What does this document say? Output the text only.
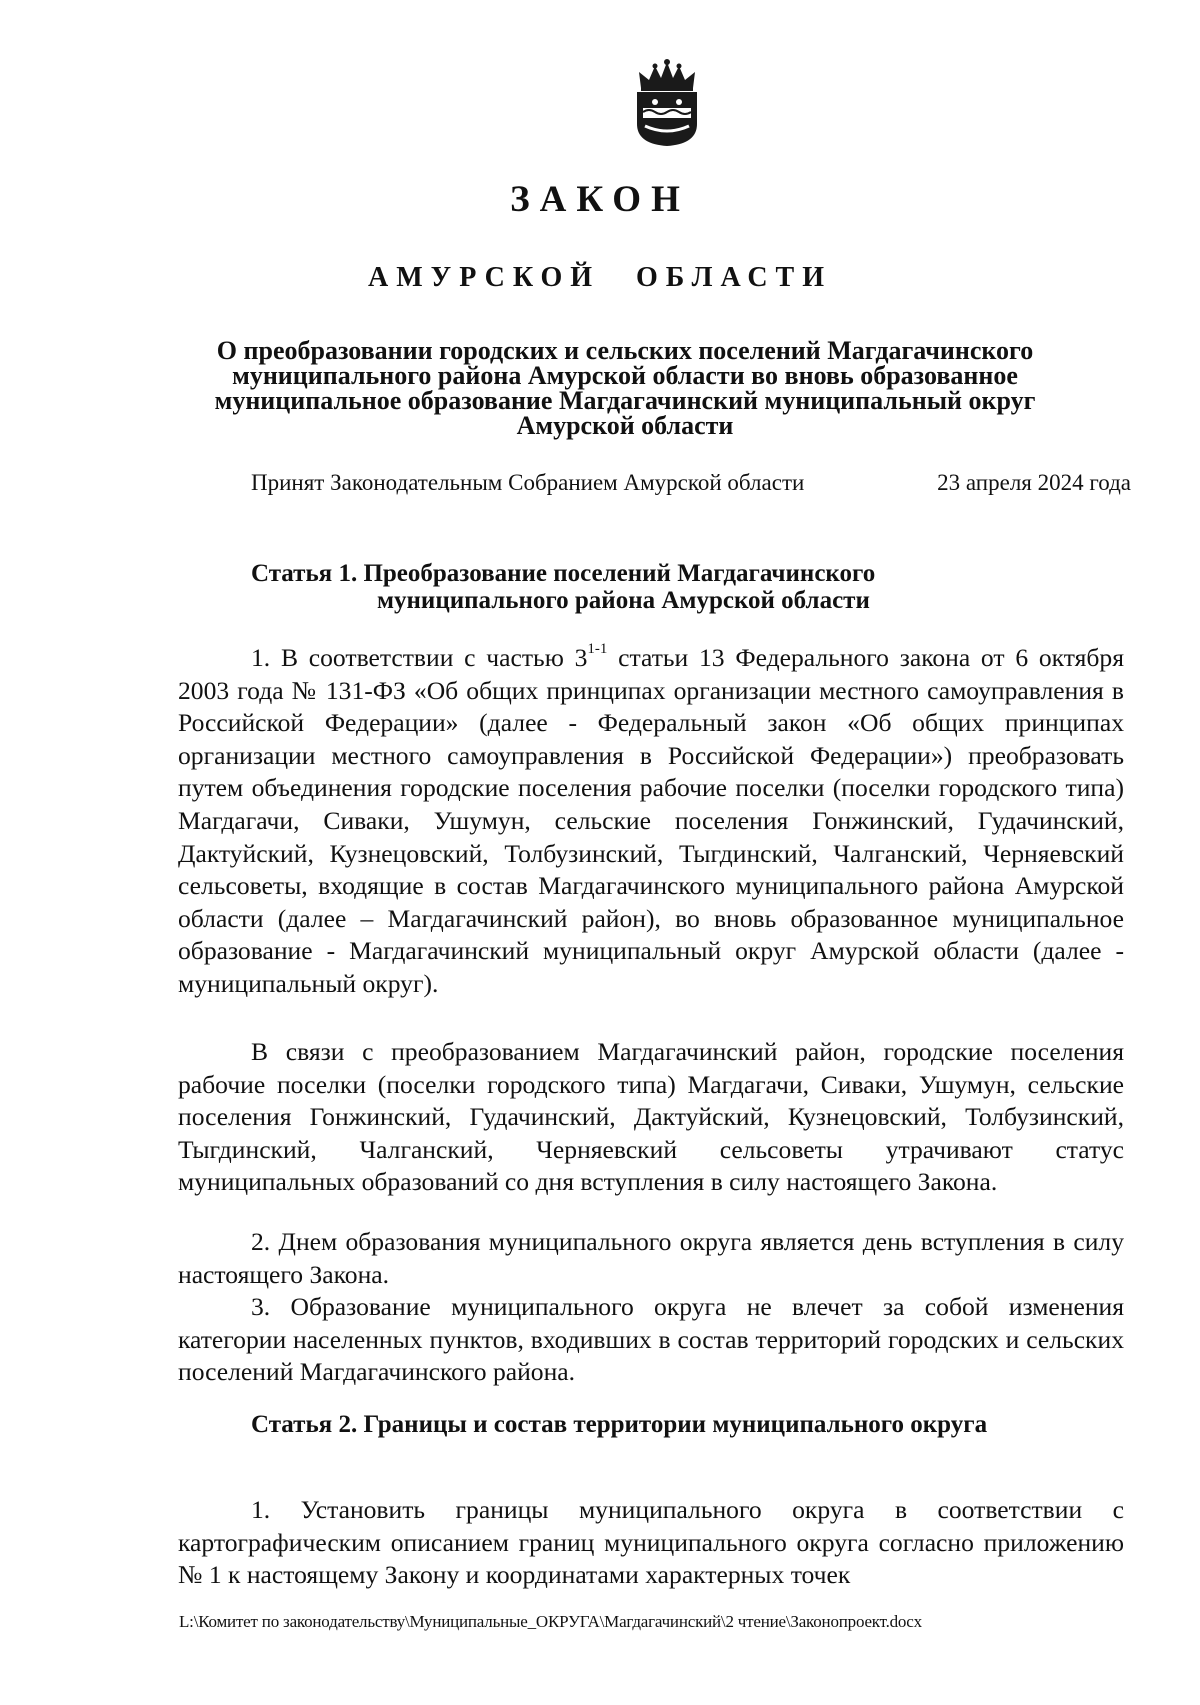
ЗАКОН
АМУРСКОЙ ОБЛАСТИ
О преобразовании городских и сельских поселений Магдагачинского муниципального района Амурской области во вновь образованное муниципальное образование Магдагачинский муниципальный округ Амурской области
Принят Законодательным Собранием Амурской области	23 апреля 2024 года
Статья 1. Преобразование поселений Магдагачинского
муниципального района Амурской области
1. В соответствии с частью 3$^{1-1}$ статьи 13 Федерального закона от 6 октября 2003 года № 131-ФЗ «Об общих принципах организации местного самоуправления в Российской Федерации» (далее - Федеральный закон «Об общих принципах организации местного самоуправления в Российской Федерации») преобразовать путем объединения городские поселения рабочие поселки (поселки городского типа) Магдагачи, Сиваки, Ушумун, сельские поселения Гонжинский, Гудачинский, Дактуйский, Кузнецовский, Толбузинский, Тыгдинский, Чалганский, Черняевский сельсоветы, входящие в состав Магдагачинского муниципального района Амурской области (далее – Магдагачинский район), во вновь образованное муниципальное образование - Магдагачинский муниципальный округ Амурской области (далее - муниципальный округ).
В связи с преобразованием Магдагачинский район, городские поселения рабочие поселки (поселки городского типа) Магдагачи, Сиваки, Ушумун, сельские поселения Гонжинский, Гудачинский, Дактуйский, Кузнецовский, Толбузинский, Тыгдинский, Чалганский, Черняевский сельсоветы утрачивают статус муниципальных образований со дня вступления в силу настоящего Закона.
2. Днем образования муниципального округа является день вступления в силу настоящего Закона.
3. Образование муниципального округа не влечет за собой изменения категории населенных пунктов, входивших в состав территорий городских и сельских поселений Магдагачинского района.
Статья 2. Границы и состав территории муниципального округа
1. Установить границы муниципального округа в соответствии с картографическим описанием границ муниципального округа согласно приложению № 1 к настоящему Закону и координатами характерных точек
L:\Комитет по законодательству\Муниципальные_ОКРУГА\Магдагачинский\2 чтение\Законопроект.docx
